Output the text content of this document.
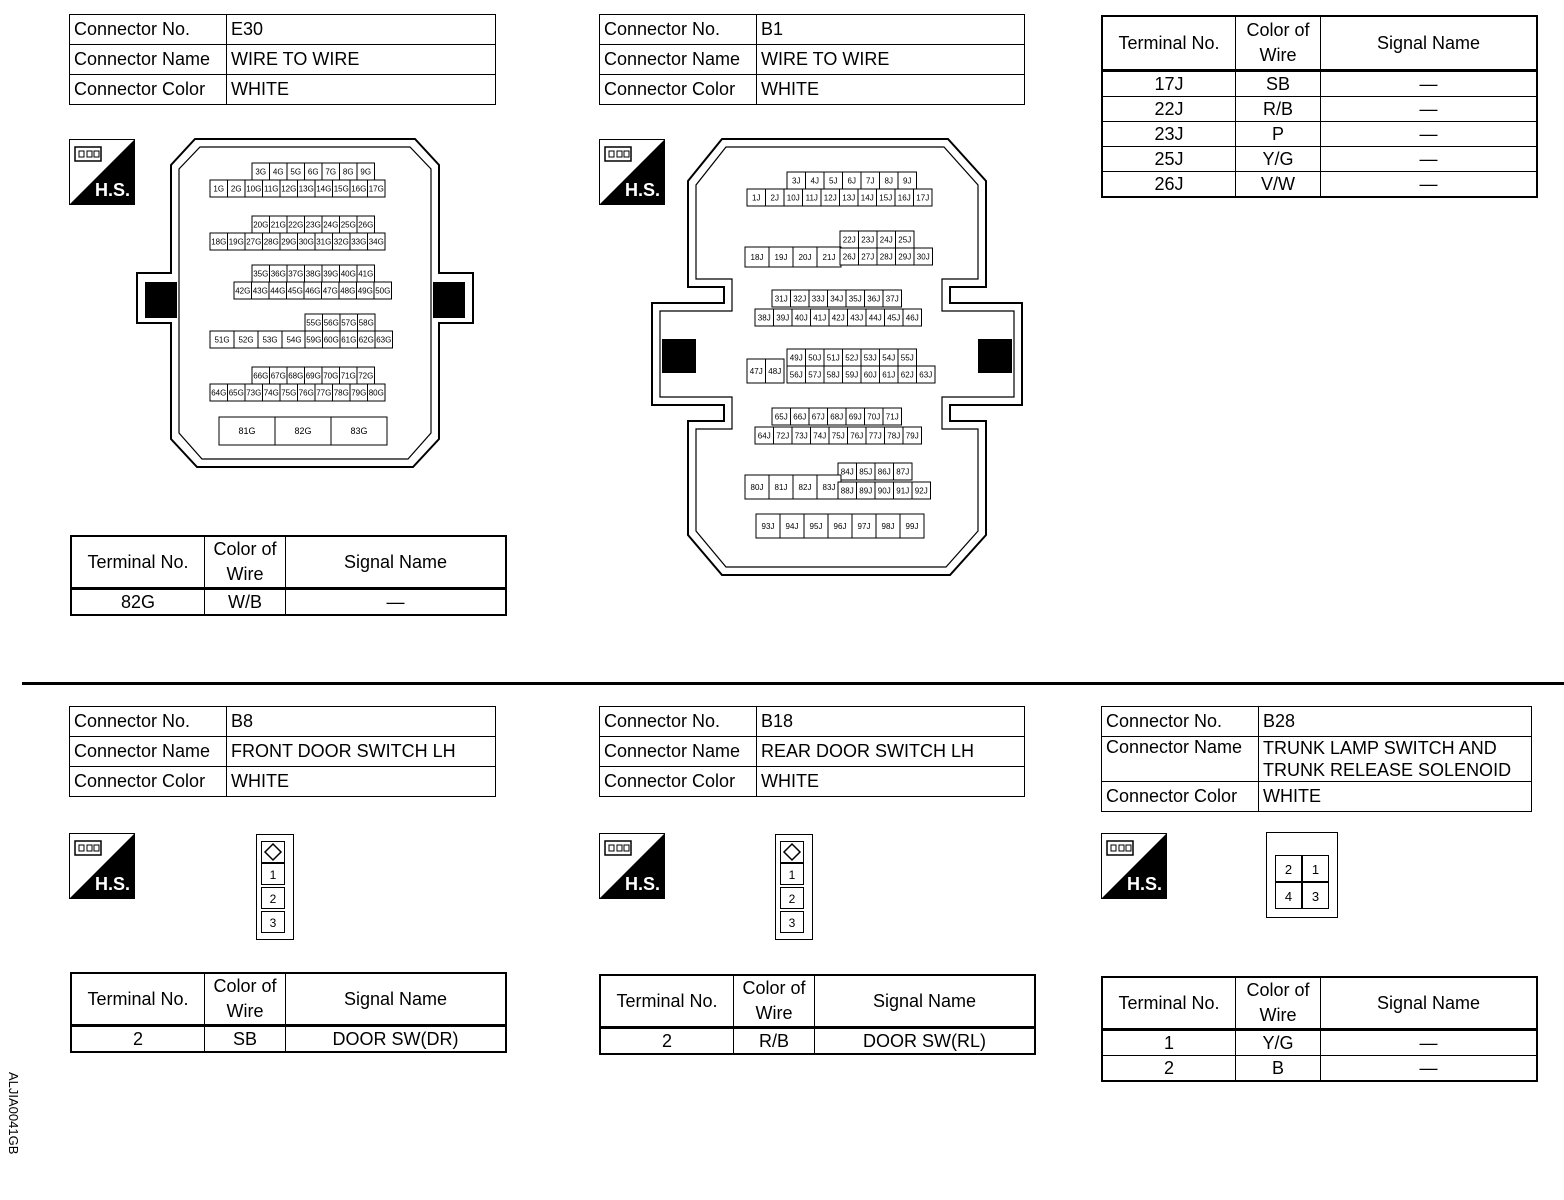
Connector No.	E30
Connector Name	WIRE TO WIRE
Connector Color	WHITE
H.S.
3G 4G 5G 6G 7G 8G 9G
1G 2G 10G 11G 12G 13G 14G 15G 16G 17G
20G 21G 22G 23G 24G 25G 26G
18G 19G 27G 28G 29G 30G 31G 32G 33G 34G
35G 36G 37G 38G 39G 40G 41G
42G 43G 44G 45G 46G 47G 48G 49G 50G
55G 56G 57G 58G
51G 52G 53G 54G 59G 60G 61G 62G 63G
66G 67G 68G 69G 70G 71G 72G
64G 65G 73G 74G 75G 76G 77G 78G 79G 80G
81G	82G	83G
Terminal No.	Color of Wire	Signal Name
82G	W/B	—
Connector No.	B1
Connector Name	WIRE TO WIRE
Connector Color	WHITE
H.S.	3J 4J 5J 6J 7J 8J 9J
1J 2J 10J 11J 12J 13J 14J 15J 16J 17J
22J 23J 24J 25J
18J 19J 20J 21J 26J 27J 28J 29J 30J
31J 32J 33J 34J 35J 36J 37J
38J 39J 40J 41J 42J 43J 44J 45J 46J
49J 50J 51J 52J 53J 54J 55J
47J 48J 56J 57J 58J 59J 60J 61J 62J 63J
65J 66J 67J 68J 69J 70J 71J
64J 72J 73J 74J 75J 76J 77J 78J 79J
84J 85J 86J 87J
80J 81J 82J 83J 88J 89J 90J 91J 92J
93J 94J 95J 96J 97J 98J 99J
Terminal No.	Color of Wire	Signal Name
17J	SB	—
22J	R/B	—
23J	P	—
25J	Y/G	—
26J	V/W	—
Connector No.	B8
Connector Name	FRONT DOOR SWITCH LH
Connector Color	WHITE
H.S.	1
2
3
Terminal No.	Color of Wire	Signal Name
2	SB	DOOR SW(DR)
Connector No.	B18
Connector Name	REAR DOOR SWITCH LH
Connector Color	WHITE
H.S.	1
2
3
Terminal No.	Color of Wire	Signal Name
2	R/B	DOOR SW(RL)
Connector No.	B28
Connector Name	TRUNK LAMP SWITCH AND
TRUNK RELEASE SOLENOID

Connector Color	WHITE
H.S.
2	1
4	3
Terminal No.	Color of Wire	Signal Name
1	Y/G	—
2	B	—
ALJIA0041GB
